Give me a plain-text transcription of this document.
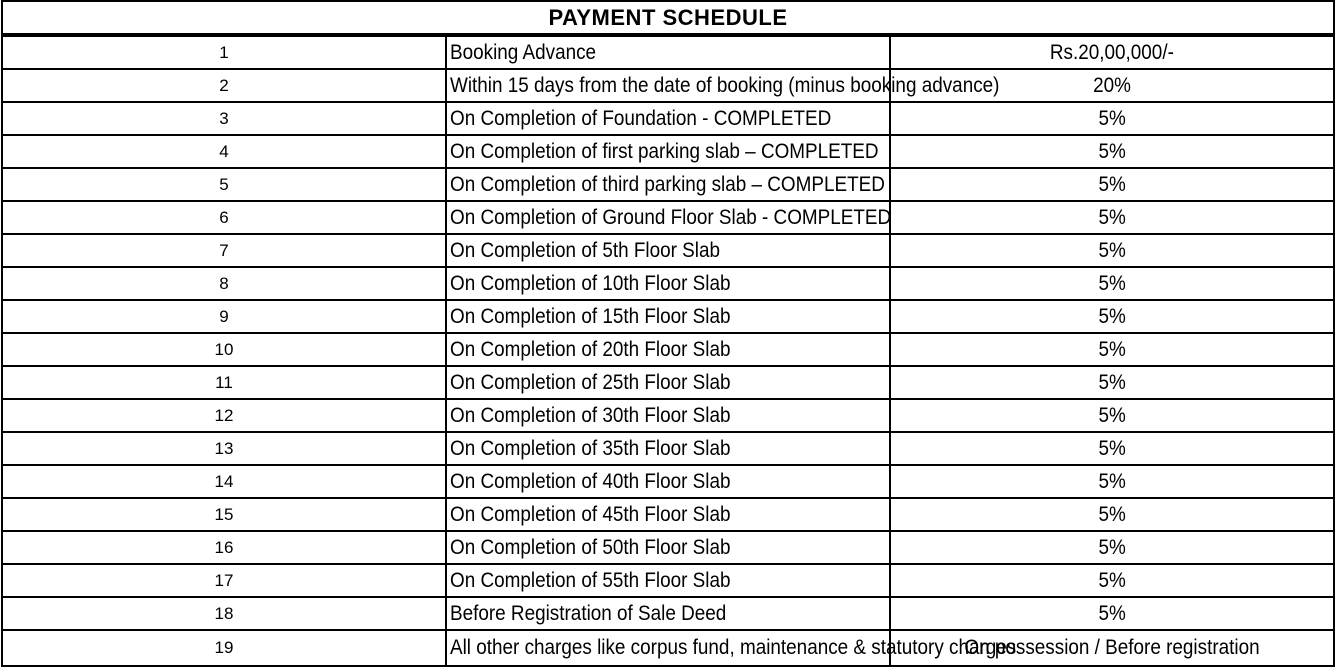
PAYMENT SCHEDULE		
1	Booking Advance	Rs.20,00,000/-
2	Within 15 days from the date of booking (minus booking advance)	20%
3	On Completion of Foundation - COMPLETED	5%
4	On Completion of first parking slab – COMPLETED	5%
5	On Completion of third parking slab – COMPLETED	5%
6	On Completion of Ground Floor Slab - COMPLETED	5%
7	On Completion of 5th Floor Slab	5%
8	On Completion of 10th Floor Slab	5%
9	On Completion of 15th Floor Slab	5%
10	On Completion of 20th Floor Slab	5%
11	On Completion of 25th Floor Slab	5%
12	On Completion of 30th Floor Slab	5%
13	On Completion of 35th Floor Slab	5%
14	On Completion of 40th Floor Slab	5%
15	On Completion of 45th Floor Slab	5%
16	On Completion of 50th Floor Slab	5%
17	On Completion of 55th Floor Slab	5%
18	Before Registration of Sale Deed	5%
19	All other charges like corpus fund, maintenance & statutory charges	On possession / Before registration
